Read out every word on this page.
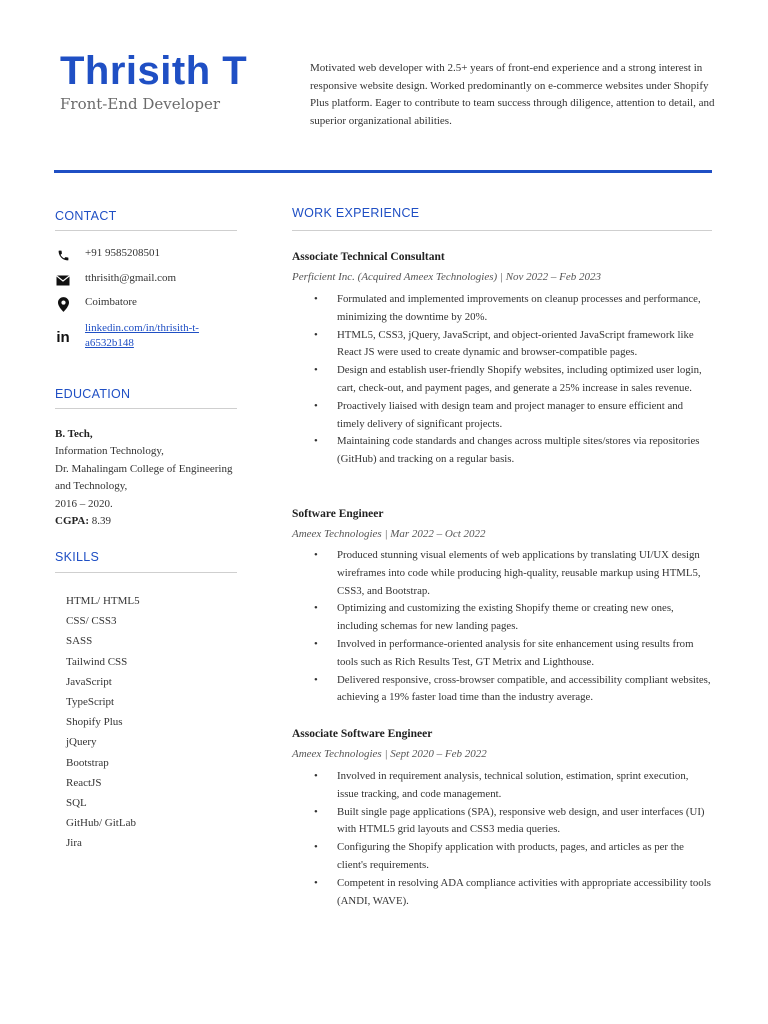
Thrisith T
Front-End Developer
Motivated web developer with 2.5+ years of front-end experience and a strong interest in responsive website design. Worked predominantly on e-commerce websites under Shopify Plus platform. Eager to contribute to team success through diligence, attention to detail, and superior organizational abilities.
CONTACT
+91 9585208501
tthrisith@gmail.com
Coimbatore
in
linkedin.com/in/thrisith-t-a6532b148
EDUCATION
B. Tech,
Information Technology,
Dr. Mahalingam College of Engineering and Technology,
2016 – 2020.
CGPA: 8.39
SKILLS
HTML/ HTML5
CSS/ CSS3
SASS
Tailwind CSS
JavaScript
TypeScript
Shopify Plus
jQuery
Bootstrap
ReactJS
SQL
GitHub/ GitLab
Jira
WORK EXPERIENCE
Associate Technical Consultant
Perficient Inc. (Acquired Ameex Technologies) | Nov 2022 – Feb 2023
• Formulated and implemented improvements on cleanup processes and performance, minimizing the downtime by 20%.
• HTML5, CSS3, jQuery, JavaScript, and object-oriented JavaScript framework like React JS were used to create dynamic and browser-compatible pages.
• Design and establish user-friendly Shopify websites, including optimized user login, cart, check-out, and payment pages, and generate a 25% increase in sales revenue.
• Proactively liaised with design team and project manager to ensure efficient and timely delivery of significant projects.
• Maintaining code standards and changes across multiple sites/stores via repositories (GitHub) and tracking on a regular basis.
Software Engineer
Ameex Technologies | Mar 2022 – Oct 2022
• Produced stunning visual elements of web applications by translating UI/UX design wireframes into code while producing high-quality, reusable markup using HTML5, CSS3, and Bootstrap.
• Optimizing and customizing the existing Shopify theme or creating new ones, including schemas for new landing pages.
• Involved in performance-oriented analysis for site enhancement using results from tools such as Rich Results Test, GT Metrix and Lighthouse.
• Delivered responsive, cross-browser compatible, and accessibility compliant websites, achieving a 19% faster load time than the industry average.
Associate Software Engineer
Ameex Technologies | Sept 2020 – Feb 2022
• Involved in requirement analysis, technical solution, estimation, sprint execution, issue tracking, and code management.
• Built single page applications (SPA), responsive web design, and user interfaces (UI) with HTML5 grid layouts and CSS3 media queries.
• Configuring the Shopify application with products, pages, and articles as per the client's requirements.
• Competent in resolving ADA compliance activities with appropriate accessibility tools (ANDI, WAVE).
